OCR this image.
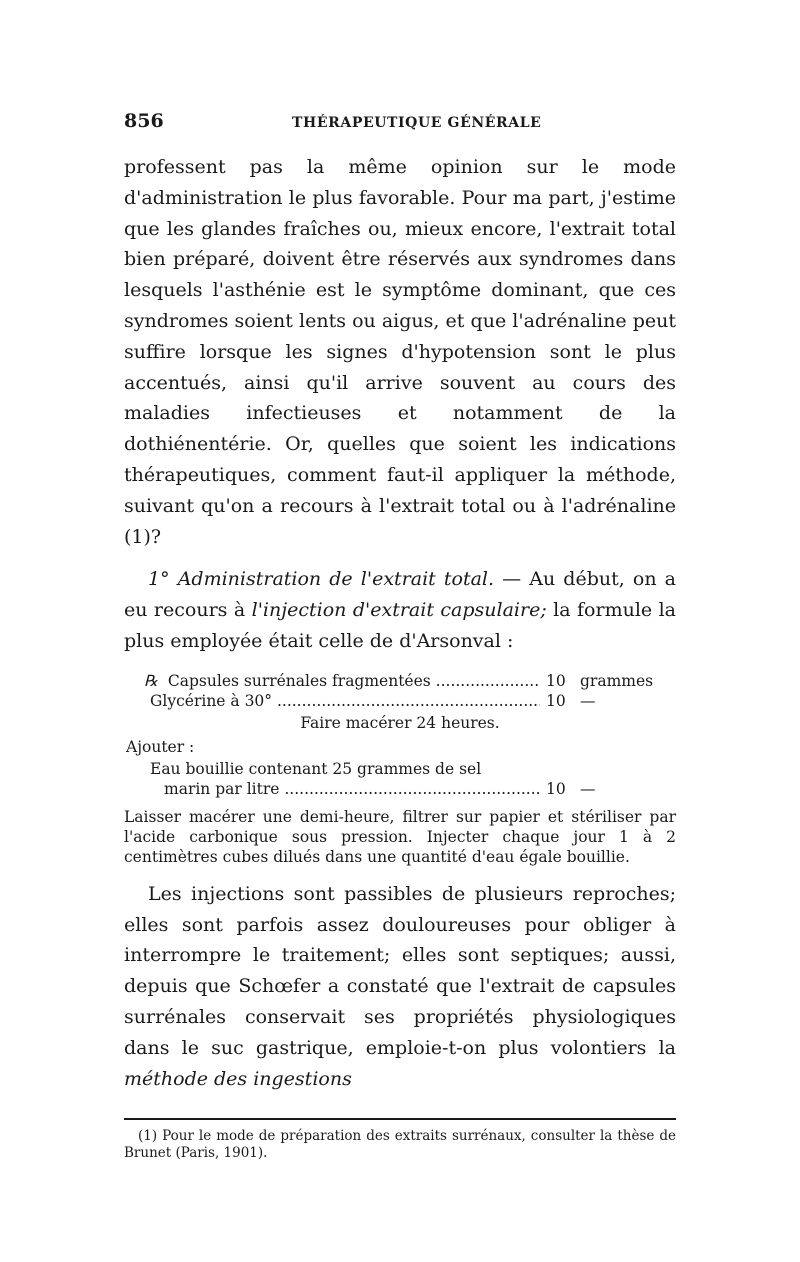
856	THÉRAPEUTIQUE GÉNÉRALE

professent pas la même opinion sur le mode d'administration le plus favorable. Pour ma part, j'estime que les glandes fraîches ou, mieux encore, l'extrait total bien préparé, doivent être réservés aux syndromes dans lesquels l'asthénie est le symptôme dominant, que ces syndromes soient lents ou aigus, et que l'adrénaline peut suffire lorsque les signes d'hypotension sont le plus accentués, ainsi qu'il arrive souvent au cours des maladies infectieuses et notamment de la dothiénentérie. Or, quelles que soient les indications thérapeutiques, comment faut-il appliquer la méthode, suivant qu'on a recours à l'extrait total ou à l'adrénaline (1)?

1° Administration de l'extrait total. — Au début, on a eu recours à l'injection d'extrait capsulaire; la formule la plus employée était celle de d'Arsonval :

℞ Capsules surrénales fragmentées .....	10 grammes
Glycérine à 30° .....	10 —
Faire macérer 24 heures.
Ajouter :
Eau bouillie contenant 25 grammes de sel
marin par litre .....	10 —

Laisser macérer une demi-heure, filtrer sur papier et stériliser par l'acide carbonique sous pression. Injecter chaque jour 1 à 2 centimètres cubes dilués dans une quantité d'eau égale bouillie.

Les injections sont passibles de plusieurs reproches; elles sont parfois assez douloureuses pour obliger à interrompre le traitement; elles sont septiques; aussi, depuis que Schœfer a constaté que l'extrait de capsules surrénales conservait ses propriétés physiologiques dans le suc gastrique, emploie-t-on plus volontiers la méthode des ingestions

(1) Pour le mode de préparation des extraits surrénaux, consulter la thèse de Brunet (Paris, 1901).
